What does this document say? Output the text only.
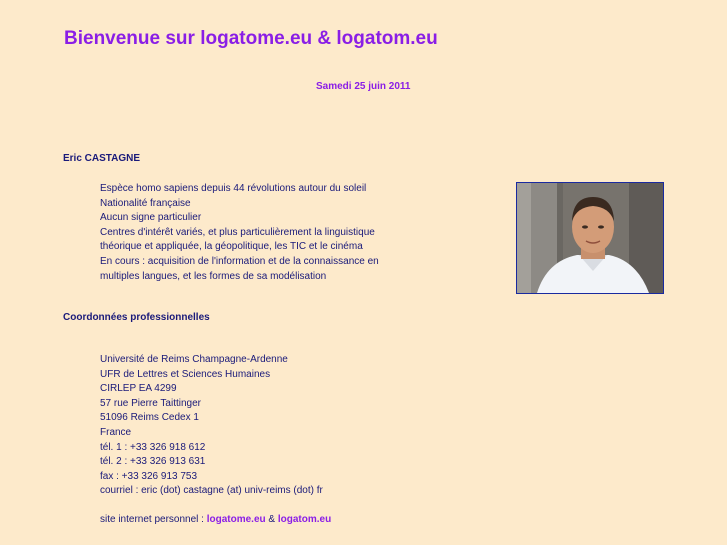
Bienvenue sur logatome.eu & logatom.eu
Samedi 25 juin 2011
Eric CASTAGNE
Espèce homo sapiens depuis 44 révolutions autour du soleil
Nationalité française
Aucun signe particulier
Centres d'intérêt variés, et plus particulièrement la linguistique
théorique et appliquée, la géopolitique, les TIC et le cinéma
En cours : acquisition de l'information et de la connaissance en
multiples langues, et les formes de sa modélisation
Coordonnées professionnelles
Université de Reims Champagne-Ardenne
UFR de Lettres et Sciences Humaines
CIRLEP EA 4299
57 rue Pierre Taittinger
51096 Reims Cedex 1
France
tél. 1 : +33 326 918 612
tél. 2 : +33 326 913 631
fax : +33 326 913 753
courriel : eric (dot) castagne (at) univ-reims (dot) fr
site internet personnel : logatome.eu & logatom.eu
